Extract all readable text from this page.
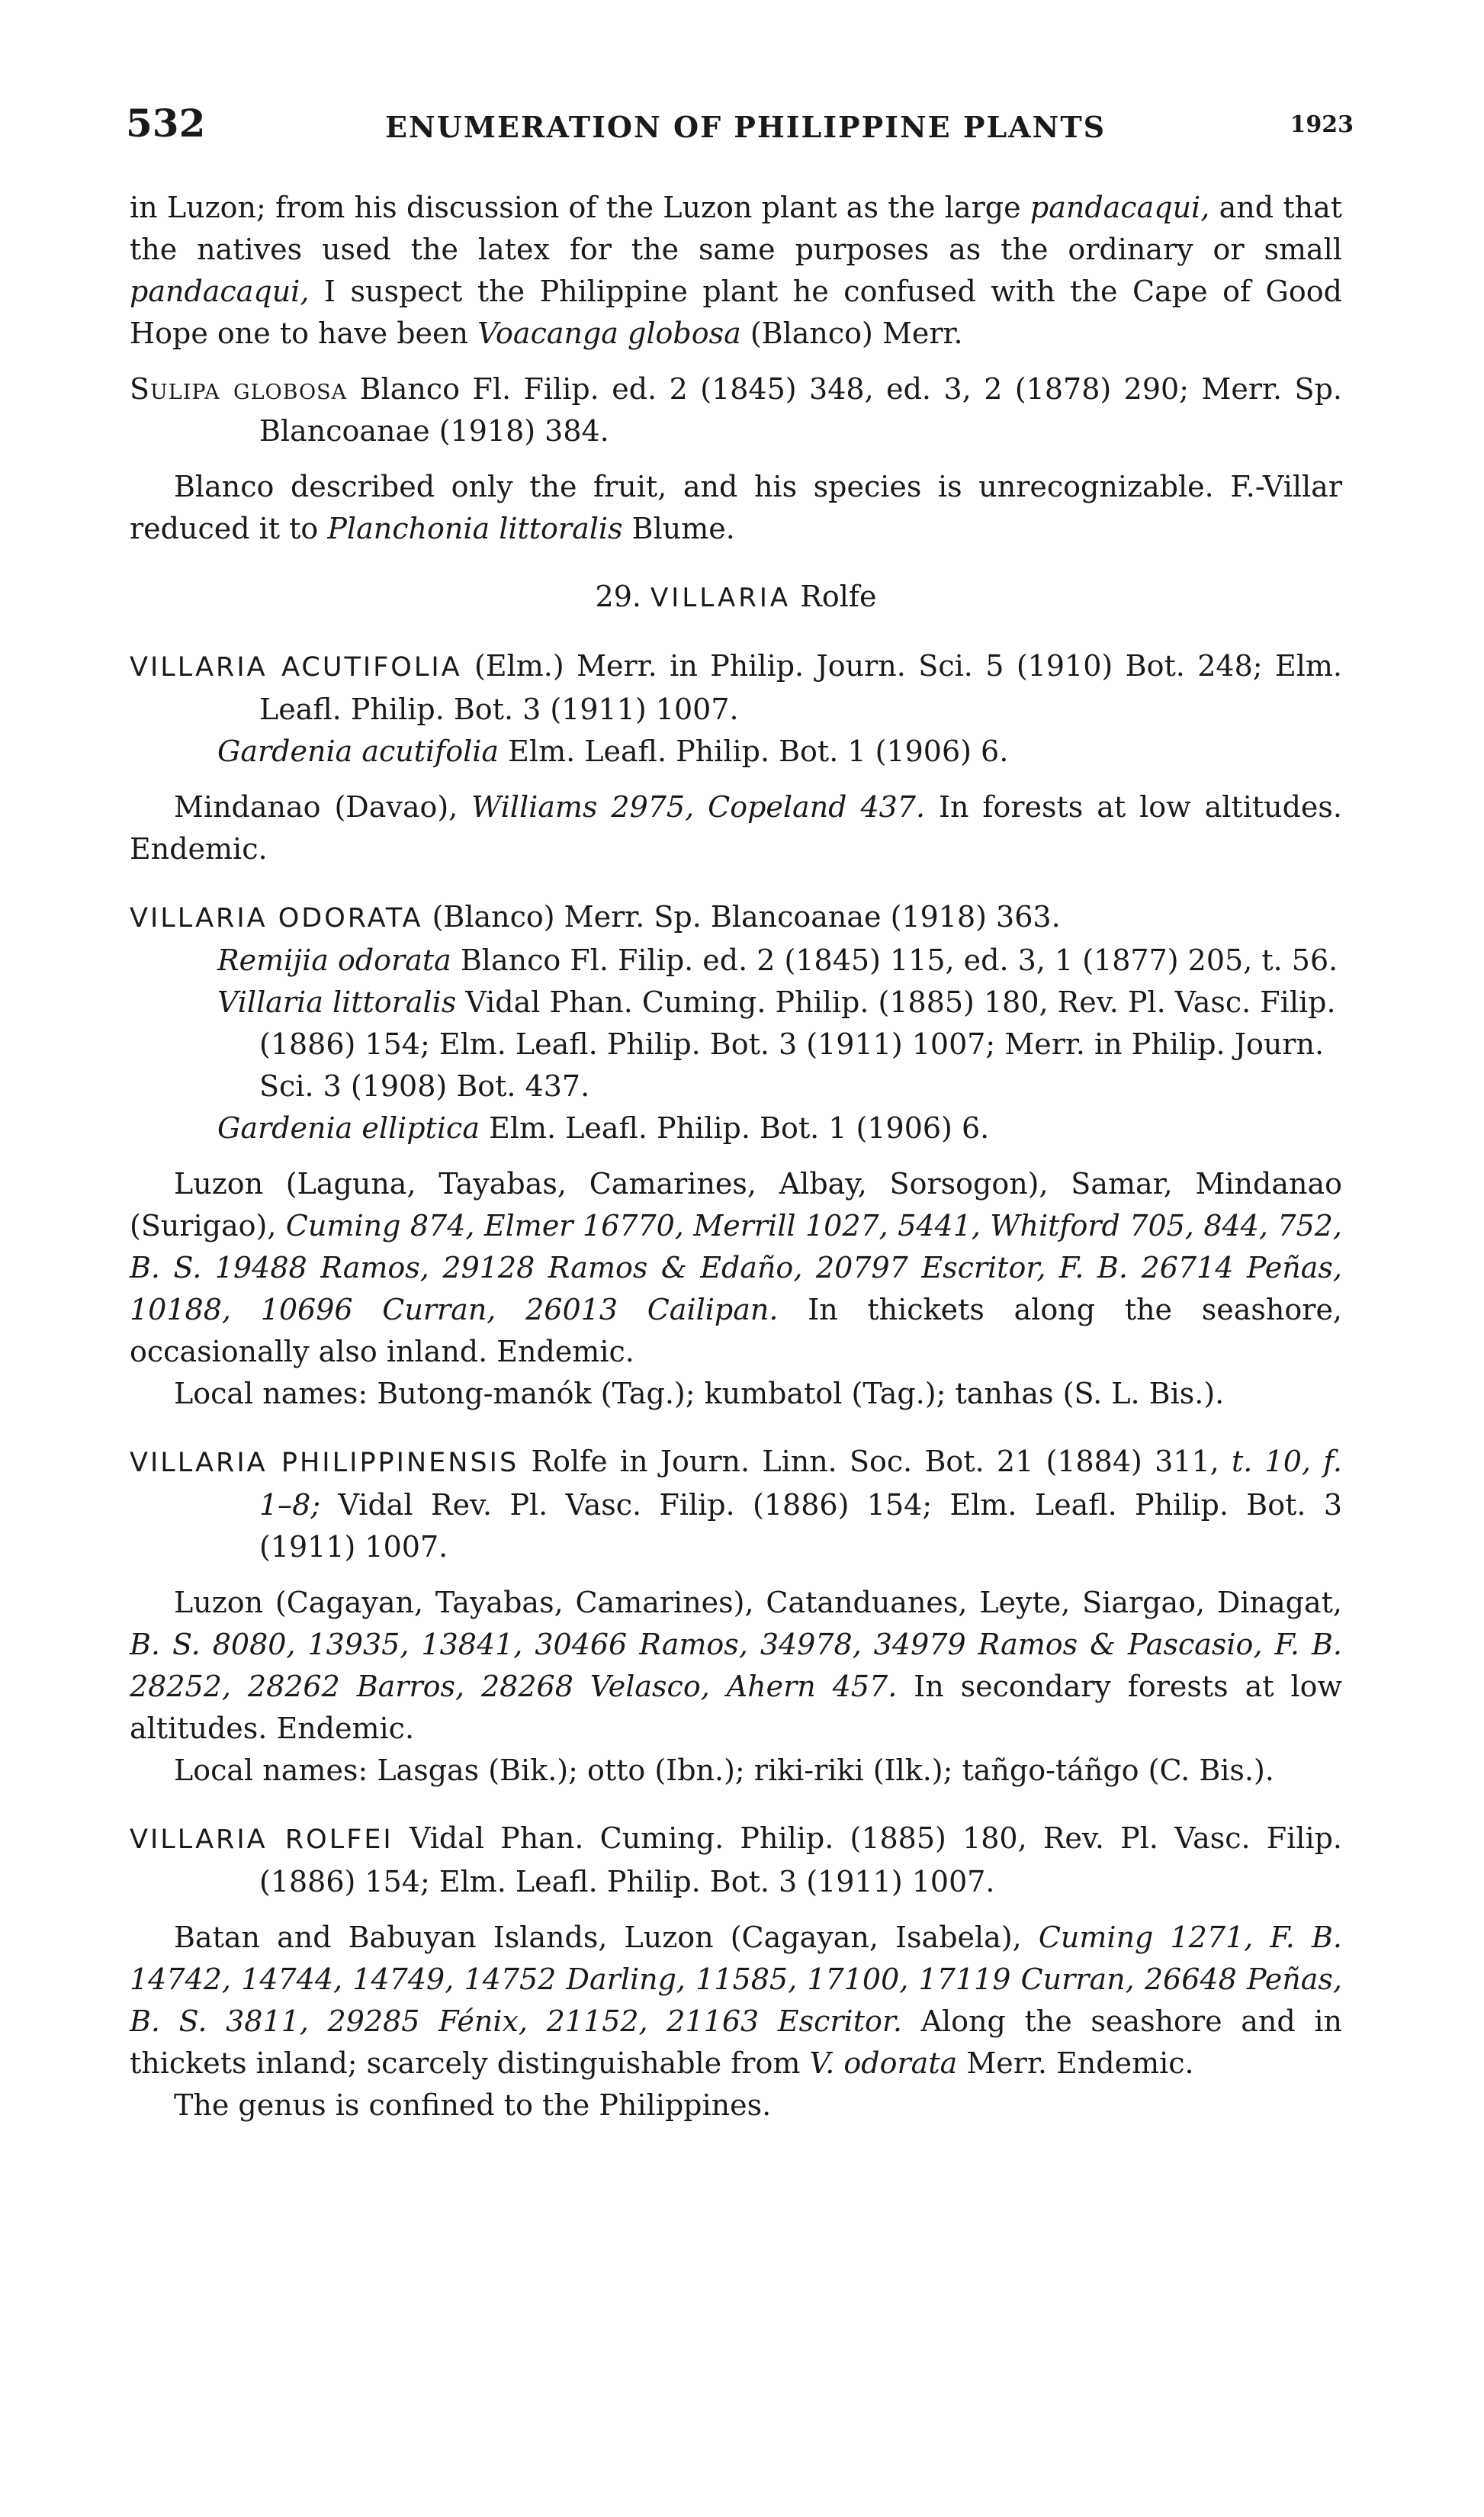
532	ENUMERATION OF PHILIPPINE PLANTS	1923

in Luzon; from his discussion of the Luzon plant as the large pandacaqui, and that the natives used the latex for the same purposes as the ordinary or small pandacaqui, I suspect the Philippine plant he confused with the Cape of Good Hope one to have been Voacanga globosa (Blanco) Merr.

Sulipa globosa Blanco Fl. Filip. ed. 2 (1845) 348, ed. 3, 2 (1878) 290; Merr. Sp. Blancoanae (1918) 384.

Blanco described only the fruit, and his species is unrecognizable. F.-Villar reduced it to Planchonia littoralis Blume.

29. VILLARIA Rolfe

VILLARIA ACUTIFOLIA (Elm.) Merr. in Philip. Journ. Sci. 5 (1910) Bot. 248; Elm. Leafl. Philip. Bot. 3 (1911) 1007.

Gardenia acutifolia Elm. Leafl. Philip. Bot. 1 (1906) 6.

Mindanao (Davao), Williams 2975, Copeland 437. In forests at low altitudes. Endemic.

VILLARIA ODORATA (Blanco) Merr. Sp. Blancoanae (1918) 363.

Remijia odorata Blanco Fl. Filip. ed. 2 (1845) 115, ed. 3, 1 (1877) 205, t. 56.

Villaria littoralis Vidal Phan. Cuming. Philip. (1885) 180, Rev. Pl. Vasc. Filip. (1886) 154; Elm. Leafl. Philip. Bot. 3 (1911) 1007; Merr. in Philip. Journ. Sci. 3 (1908) Bot. 437.

Gardenia elliptica Elm. Leafl. Philip. Bot. 1 (1906) 6.

Luzon (Laguna, Tayabas, Camarines, Albay, Sorsogon), Samar, Mindanao (Surigao), Cuming 874, Elmer 16770, Merrill 1027, 5441, Whitford 705, 844, 752, B. S. 19488 Ramos, 29128 Ramos & Edaño, 20797 Escritor, F. B. 26714 Peñas, 10188, 10696 Curran, 26013 Cailipan. In thickets along the seashore, occasionally also inland. Endemic.

Local names: Butong-manók (Tag.); kumbatol (Tag.); tanhas (S. L. Bis.).

VILLARIA PHILIPPINENSIS Rolfe in Journ. Linn. Soc. Bot. 21 (1884) 311, t. 10, f. 1–8; Vidal Rev. Pl. Vasc. Filip. (1886) 154; Elm. Leafl. Philip. Bot. 3 (1911) 1007.

Luzon (Cagayan, Tayabas, Camarines), Catanduanes, Leyte, Siargao, Dinagat, B. S. 8080, 13935, 13841, 30466 Ramos, 34978, 34979 Ramos & Pascasio, F. B. 28252, 28262 Barros, 28268 Velasco, Ahern 457. In secondary forests at low altitudes. Endemic.

Local names: Lasgas (Bik.); otto (Ibn.); riki-riki (Ilk.); tañgo-táñgo (C. Bis.).

VILLARIA ROLFEI Vidal Phan. Cuming. Philip. (1885) 180, Rev. Pl. Vasc. Filip. (1886) 154; Elm. Leafl. Philip. Bot. 3 (1911) 1007.

Batan and Babuyan Islands, Luzon (Cagayan, Isabela), Cuming 1271, F. B. 14742, 14744, 14749, 14752 Darling, 11585, 17100, 17119 Curran, 26648 Peñas, B. S. 3811, 29285 Fénix, 21152, 21163 Escritor. Along the seashore and in thickets inland; scarcely distinguishable from V. odorata Merr. Endemic.

The genus is confined to the Philippines.
